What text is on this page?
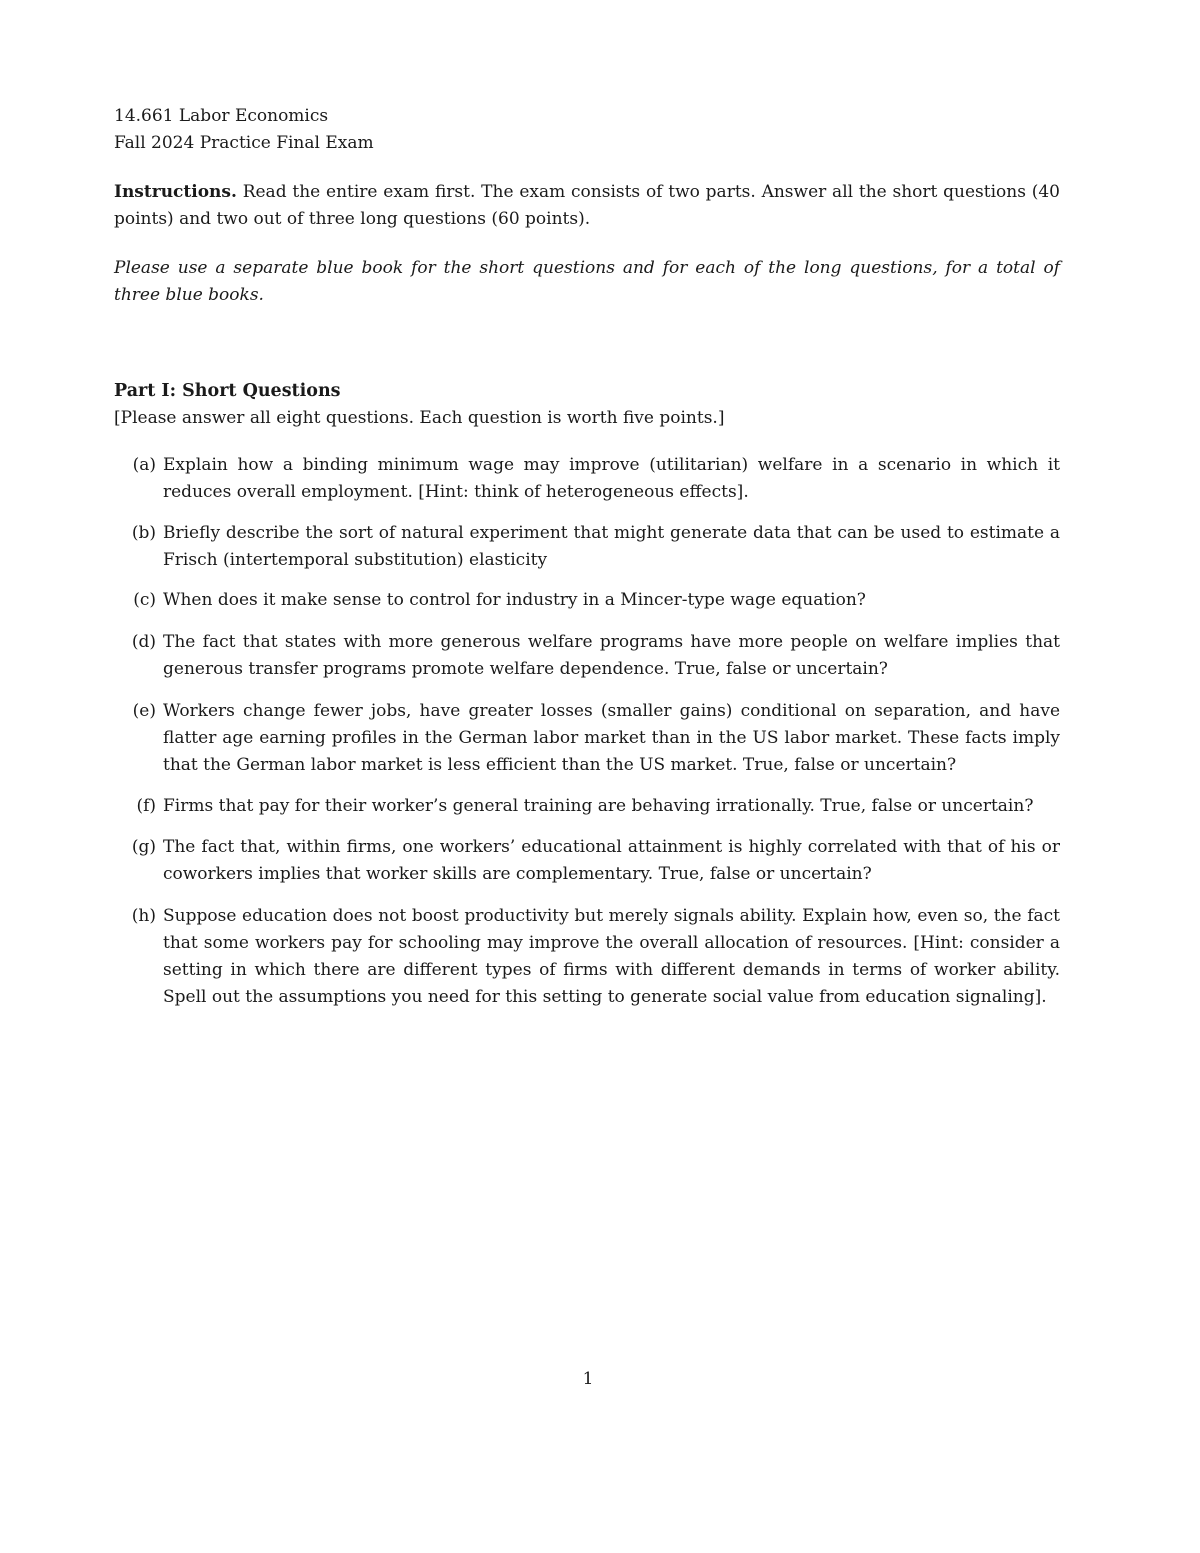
14.661 Labor Economics
Fall 2024 Practice Final Exam
Instructions. Read the entire exam first. The exam consists of two parts. Answer all the short questions (40 points) and two out of three long questions (60 points).
Please use a separate blue book for the short questions and for each of the long questions, for a total of three blue books.
Part I: Short Questions
[Please answer all eight questions. Each question is worth five points.]
(a) Explain how a binding minimum wage may improve (utilitarian) welfare in a scenario in which it reduces overall employment. [Hint: think of heterogeneous effects].
(b) Briefly describe the sort of natural experiment that might generate data that can be used to estimate a Frisch (intertemporal substitution) elasticity
(c) When does it make sense to control for industry in a Mincer-type wage equation?
(d) The fact that states with more generous welfare programs have more people on welfare implies that generous transfer programs promote welfare dependence. True, false or uncertain?
(e) Workers change fewer jobs, have greater losses (smaller gains) conditional on separation, and have flatter age earning profiles in the German labor market than in the US labor market. These facts imply that the German labor market is less efficient than the US market. True, false or uncertain?
(f) Firms that pay for their worker’s general training are behaving irrationally. True, false or uncertain?
(g) The fact that, within firms, one workers’ educational attainment is highly correlated with that of his or coworkers implies that worker skills are complementary. True, false or uncertain?
(h) Suppose education does not boost productivity but merely signals ability. Explain how, even so, the fact that some workers pay for schooling may improve the overall allocation of resources. [Hint: consider a setting in which there are different types of firms with different demands in terms of worker ability. Spell out the assumptions you need for this setting to generate social value from education signaling].
1
